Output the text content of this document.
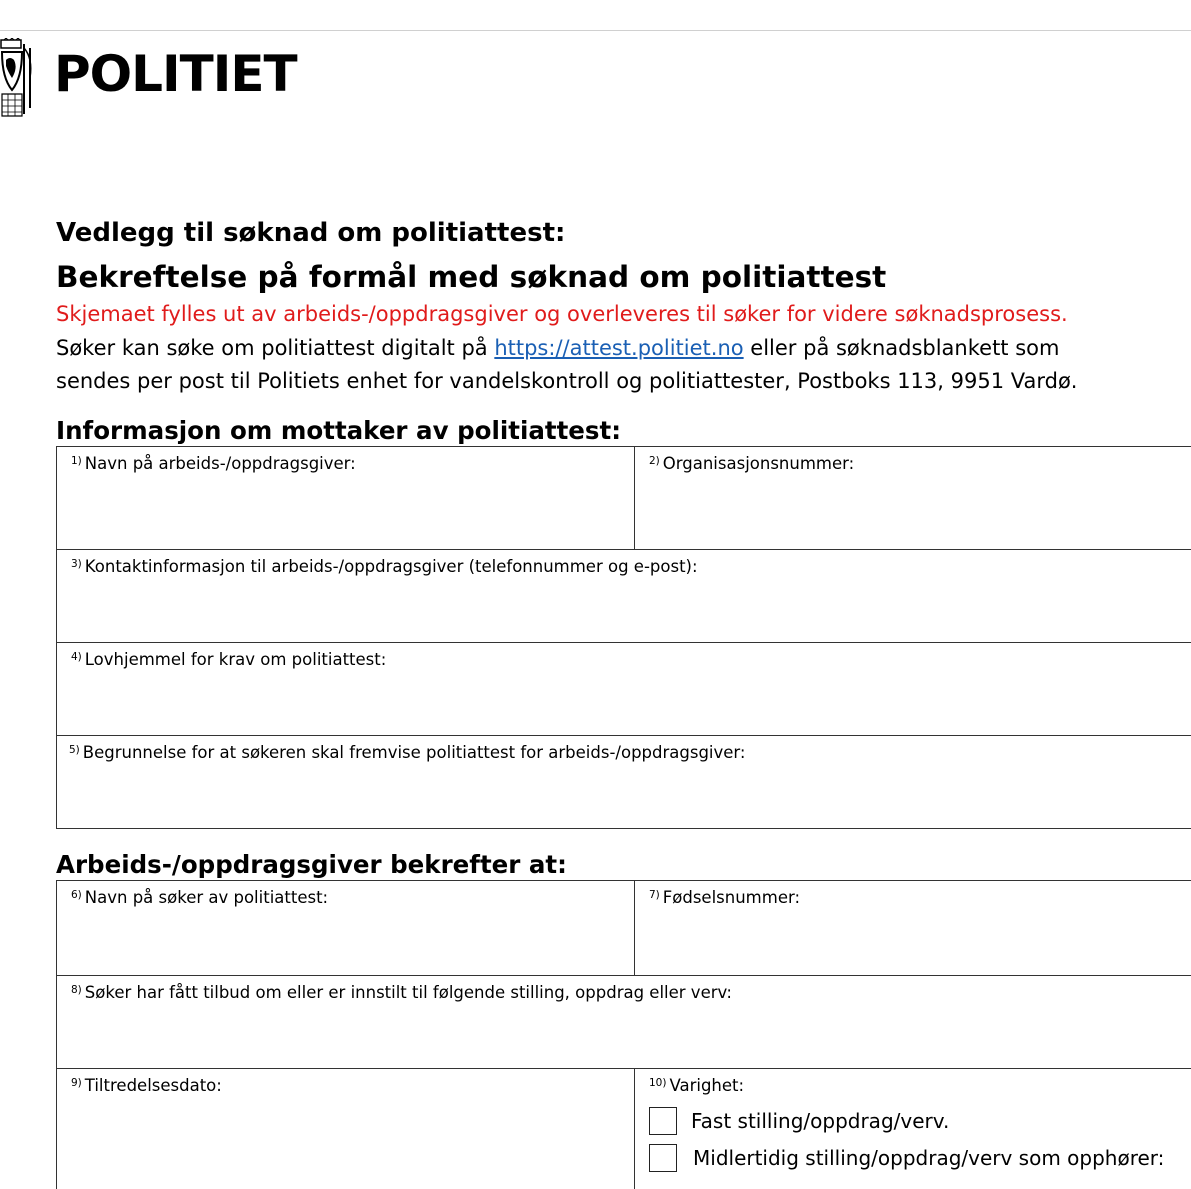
POLITIET
Vedlegg til søknad om politiattest:
Bekreftelse på formål med søknad om politiattest
Skjemaet fylles ut av arbeids-/oppdragsgiver og overleveres til søker for videre søknadsprosess.
Søker kan søke om politiattest digitalt på https://attest.politiet.no eller på søknadsblankett som
sendes per post til Politiets enhet for vandelskontroll og politiattester, Postboks 113, 9951 Vardø.
Informasjon om mottaker av politiattest:
$^{1)}$ Navn på arbeids-/oppdragsgiver:	$^{2)}$ Organisasjonsnummer:
$^{3)}$ Kontaktinformasjon til arbeids-/oppdragsgiver (telefonnummer og e-post):
$^{4)}$ Lovhjemmel for krav om politiattest:
$^{5)}$ Begrunnelse for at søkeren skal fremvise politiattest for arbeids-/oppdragsgiver:
Arbeids-/oppdragsgiver bekrefter at:
$^{6)}$ Navn på søker av politiattest:	$^{7)}$ Fødselsnummer:
$^{8)}$ Søker har fått tilbud om eller er innstilt til følgende stilling, oppdrag eller verv:
$^{9)}$ Tiltredelsesdato:	$^{10)}$ Varighet:
Fast stilling/oppdrag/verv.
Midlertidig stilling/oppdrag/verv som opphører:
